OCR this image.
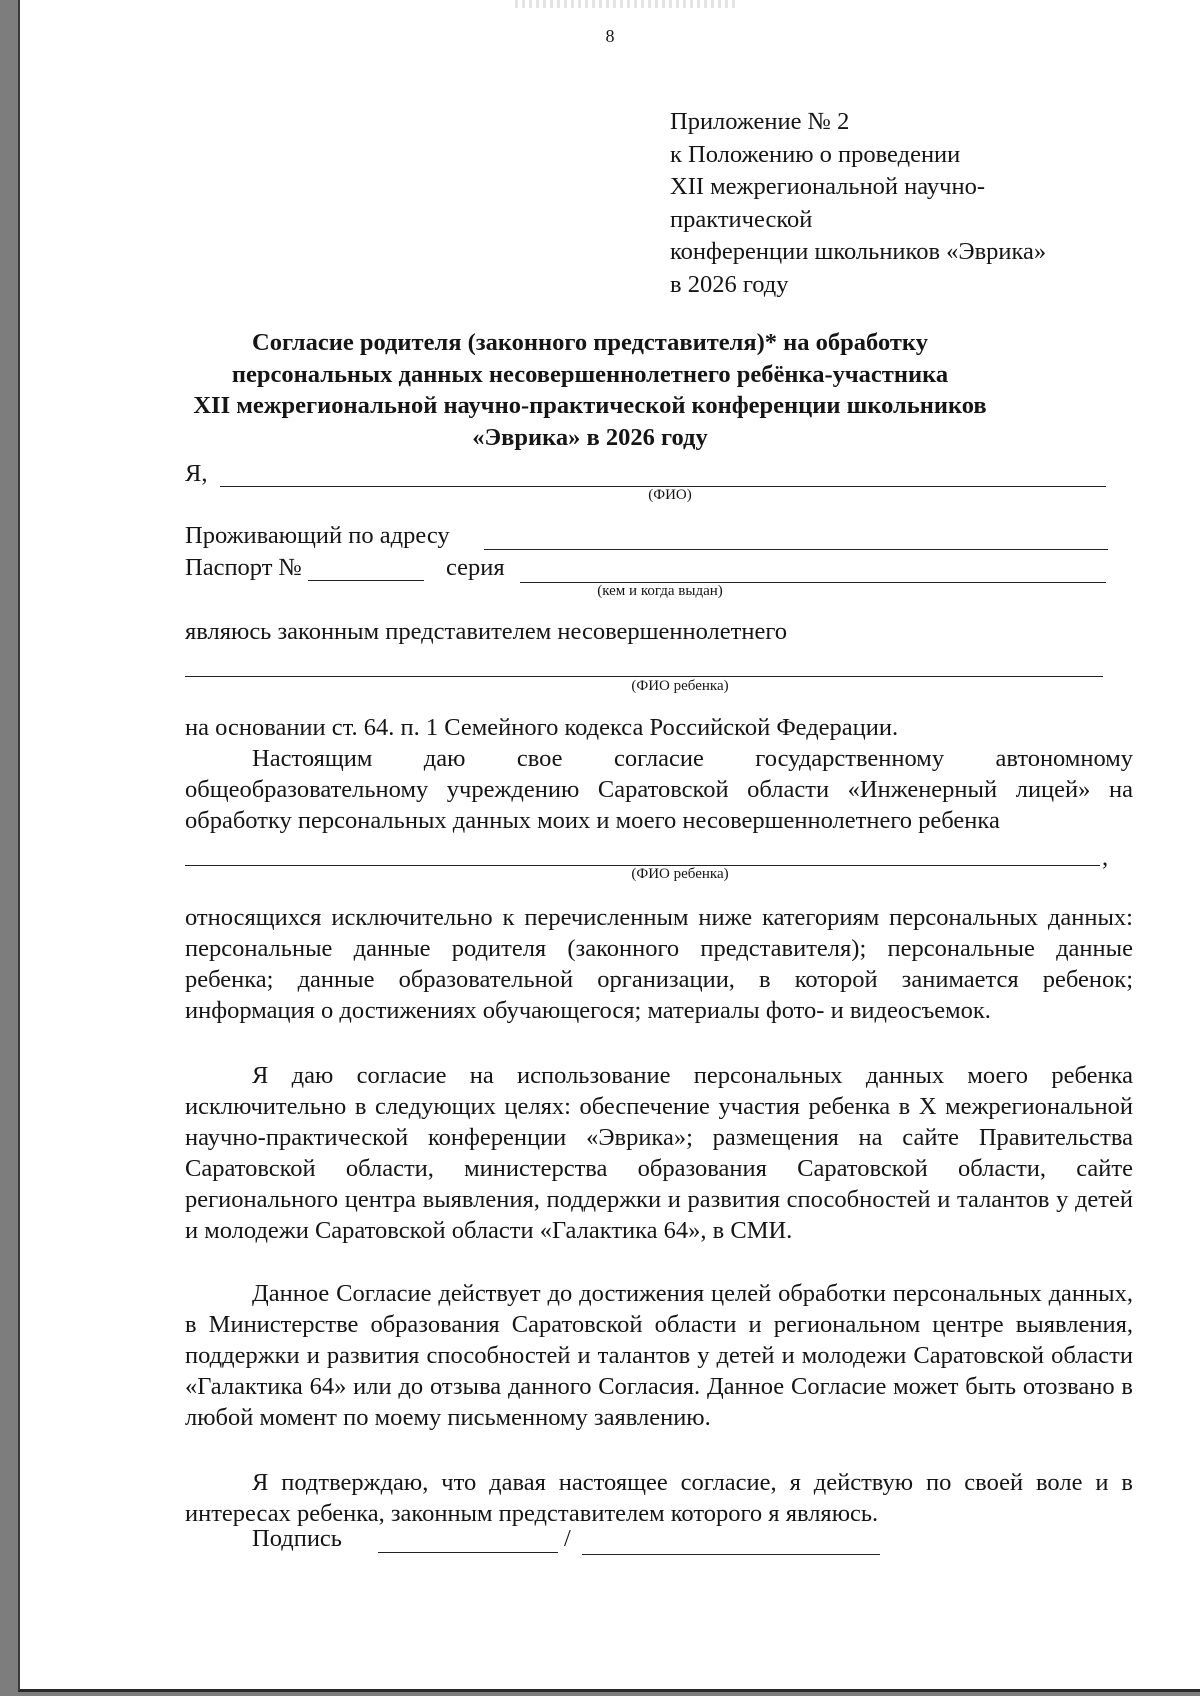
8
Приложение № 2
к Положению о проведении
XII межрегиональной научно-
практической
конференции школьников «Эврика»
в 2026 году
Согласие родителя (законного представителя)* на обработку
персональных данных несовершеннолетнего ребёнка-участника
XII межрегиональной научно-практической конференции школьников
«Эврика» в 2026 году
Я,
(ФИО)
Проживающий по адресу
Паспорт №	серия
(кем и когда выдан)
являюсь законным представителем несовершеннолетнего
(ФИО ребенка)
на основании ст. 64. п. 1 Семейного кодекса Российской Федерации.
Настоящим даю свое согласие государственному автономному общеобразовательному учреждению Саратовской области «Инженерный лицей» на обработку персональных данных моих и моего несовершеннолетнего ребенка
,
(ФИО ребенка)
относящихся исключительно к перечисленным ниже категориям персональных данных: персональные данные родителя (законного представителя); персональные данные ребенка; данные образовательной организации, в которой занимается ребенок; информация о достижениях обучающегося; материалы фото- и видеосъемок.
Я даю согласие на использование персональных данных моего ребенка исключительно в следующих целях: обеспечение участия ребенка в X межрегиональной научно-практической конференции «Эврика»; размещения на сайте Правительства Саратовской области, министерства образования Саратовской области, сайте регионального центра выявления, поддержки и развития способностей и талантов у детей и молодежи Саратовской области «Галактика 64», в СМИ.
Данное Согласие действует до достижения целей обработки персональных данных, в Министерстве образования Саратовской области и региональном центре выявления, поддержки и развития способностей и талантов у детей и молодежи Саратовской области «Галактика 64» или до отзыва данного Согласия. Данное Согласие может быть отозвано в любой момент по моему письменному заявлению.
Я подтверждаю, что давая настоящее согласие, я действую по своей воле и в интересах ребенка, законным представителем которого я являюсь.
Подпись	/
